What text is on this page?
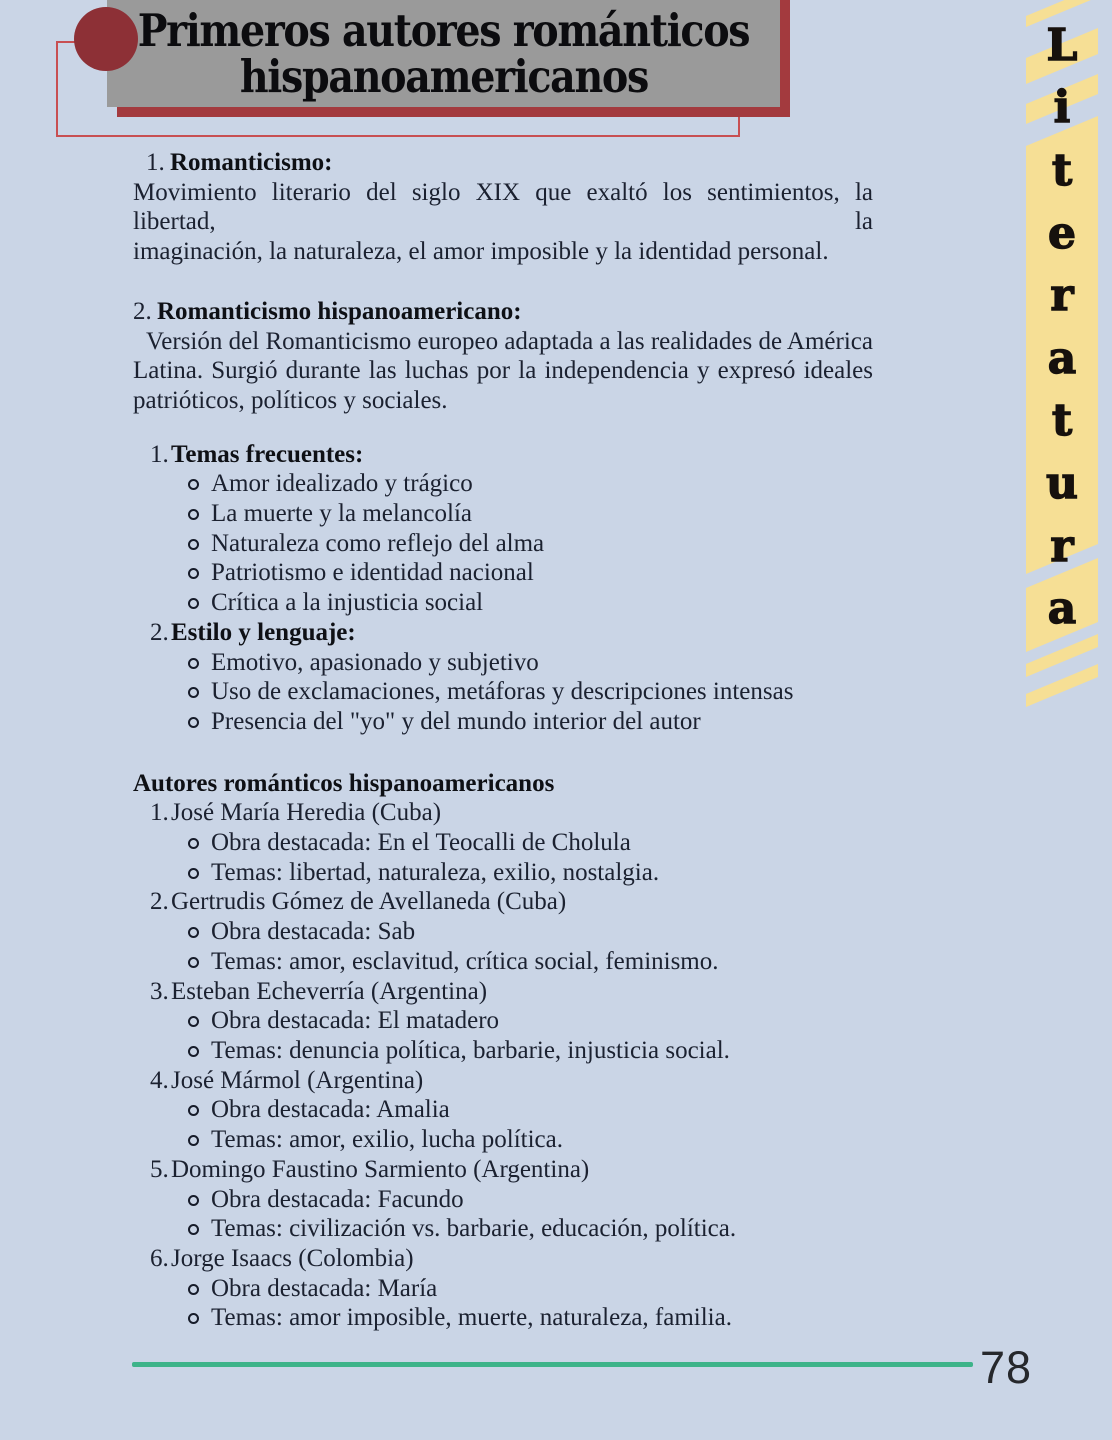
Primeros autores románticos
hispanoamericanos
L
i
t
e
r
a
t
u
r
a
1. Romanticismo:
Movimiento literario del siglo XIX que exaltó los sentimientos, la libertad, la
imaginación, la naturaleza, el amor imposible y la identidad personal.
2. Romanticismo hispanoamericano:
Versión del Romanticismo europeo adaptada a las realidades de América
Latina. Surgió durante las luchas por la independencia y expresó ideales
patrióticos, políticos y sociales.
1.Temas frecuentes:
Amor idealizado y trágico
La muerte y la melancolía
Naturaleza como reflejo del alma
Patriotismo e identidad nacional
Crítica a la injusticia social
2.Estilo y lenguaje:
Emotivo, apasionado y subjetivo
Uso de exclamaciones, metáforas y descripciones intensas
Presencia del "yo" y del mundo interior del autor
Autores románticos hispanoamericanos
1.José María Heredia (Cuba)
Obra destacada: En el Teocalli de Cholula
Temas: libertad, naturaleza, exilio, nostalgia.
2.Gertrudis Gómez de Avellaneda (Cuba)
Obra destacada: Sab
Temas: amor, esclavitud, crítica social, feminismo.
3.Esteban Echeverría (Argentina)
Obra destacada: El matadero
Temas: denuncia política, barbarie, injusticia social.
4.José Mármol (Argentina)
Obra destacada: Amalia
Temas: amor, exilio, lucha política.
5.Domingo Faustino Sarmiento (Argentina)
Obra destacada: Facundo
Temas: civilización vs. barbarie, educación, política.
6.Jorge Isaacs (Colombia)
Obra destacada: María
Temas: amor imposible, muerte, naturaleza, familia.
78
